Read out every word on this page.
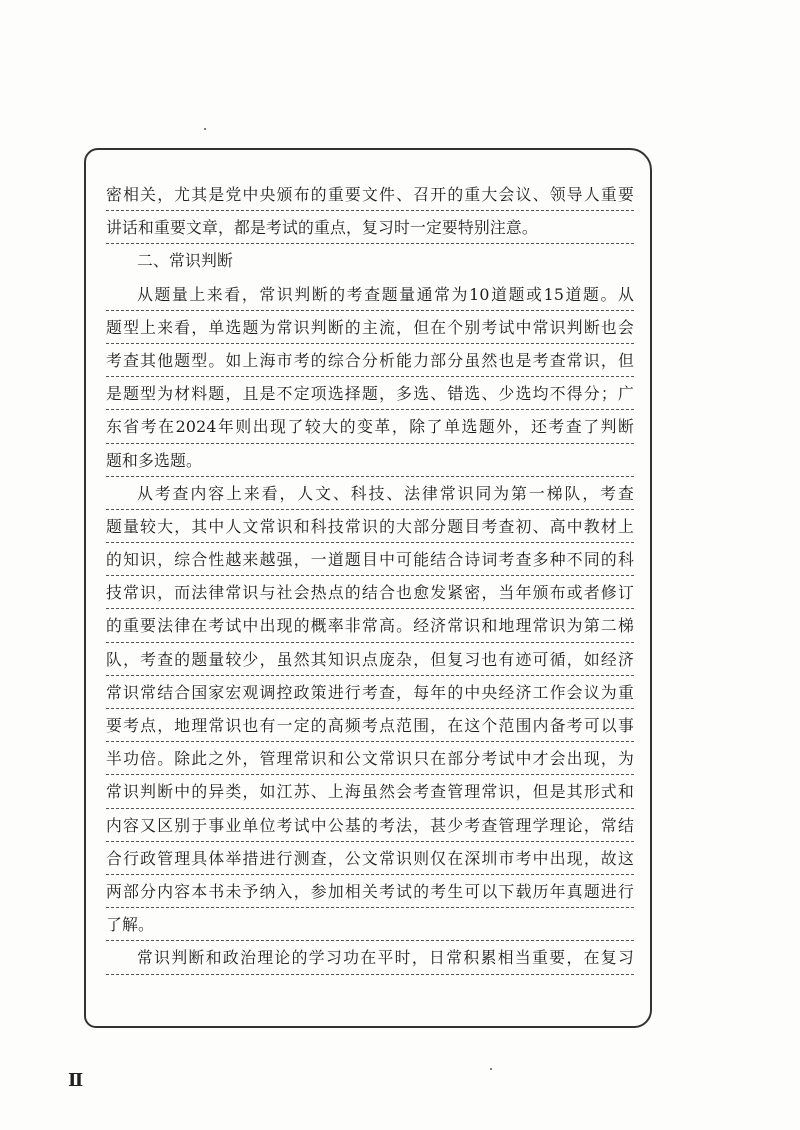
密相关，尤其是党中央颁布的重要文件、召开的重大会议、领导人重要
讲话和重要文章，都是考试的重点，复习时一定要特别注意。
二、常识判断
从题量上来看，常识判断的考查题量通常为10道题或15道题。从
题型上来看，单选题为常识判断的主流，但在个别考试中常识判断也会
考查其他题型。如上海市考的综合分析能力部分虽然也是考查常识，但
是题型为材料题，且是不定项选择题，多选、错选、少选均不得分；广
东省考在2024年则出现了较大的变革，除了单选题外，还考查了判断
题和多选题。
从考查内容上来看，人文、科技、法律常识同为第一梯队，考查
题量较大，其中人文常识和科技常识的大部分题目考查初、高中教材上
的知识，综合性越来越强，一道题目中可能结合诗词考查多种不同的科
技常识，而法律常识与社会热点的结合也愈发紧密，当年颁布或者修订
的重要法律在考试中出现的概率非常高。经济常识和地理常识为第二梯
队，考查的题量较少，虽然其知识点庞杂，但复习也有迹可循，如经济
常识常结合国家宏观调控政策进行考查，每年的中央经济工作会议为重
要考点，地理常识也有一定的高频考点范围，在这个范围内备考可以事
半功倍。除此之外，管理常识和公文常识只在部分考试中才会出现，为
常识判断中的异类，如江苏、上海虽然会考查管理常识，但是其形式和
内容又区别于事业单位考试中公基的考法，甚少考查管理学理论，常结
合行政管理具体举措进行测查，公文常识则仅在深圳市考中出现，故这
两部分内容本书未予纳入，参加相关考试的考生可以下载历年真题进行
了解。
常识判断和政治理论的学习功在平时，日常积累相当重要，在复习
Ⅱ
